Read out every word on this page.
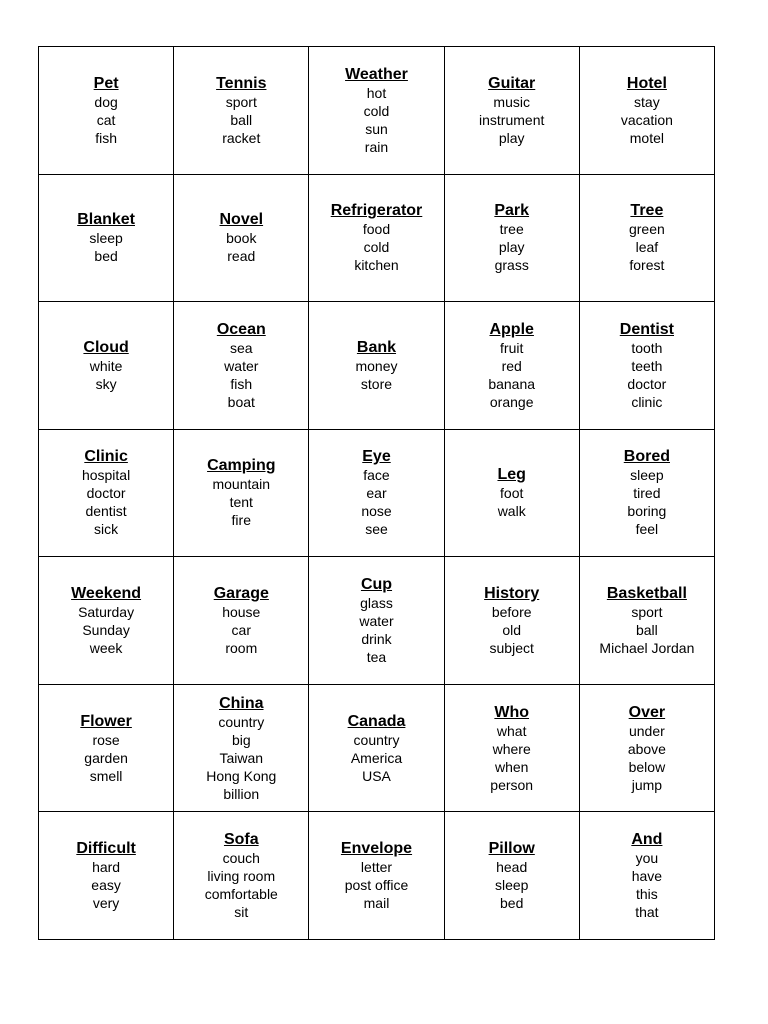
Pet
dog
cat
fish
Tennis
sport
ball
racket
Weather
hot
cold
sun
rain
Guitar
music
instrument
play
Hotel
stay
vacation
motel
Blanket
sleep
bed
Novel
book
read
Refrigerator
food
cold
kitchen
Park
tree
play
grass
Tree
green
leaf
forest
Cloud
white
sky
Ocean
sea
water
fish
boat
Bank
money
store
Apple
fruit
red
banana
orange
Dentist
tooth
teeth
doctor
clinic
Clinic
hospital
doctor
dentist
sick
Camping
mountain
tent
fire
Eye
face
ear
nose
see
Leg
foot
walk
Bored
sleep
tired
boring
feel
Weekend
Saturday
Sunday
week
Garage
house
car
room
Cup
glass
water
drink
tea
History
before
old
subject
Basketball
sport
ball
Michael Jordan
Flower
rose
garden
smell
China
country
big
Taiwan
Hong Kong
billion
Canada
country
America
USA
Who
what
where
when
person
Over
under
above
below
jump
Difficult
hard
easy
very
Sofa
couch
living room
comfortable
sit
Envelope
letter
post office
mail
Pillow
head
sleep
bed
And
you
have
this
that
